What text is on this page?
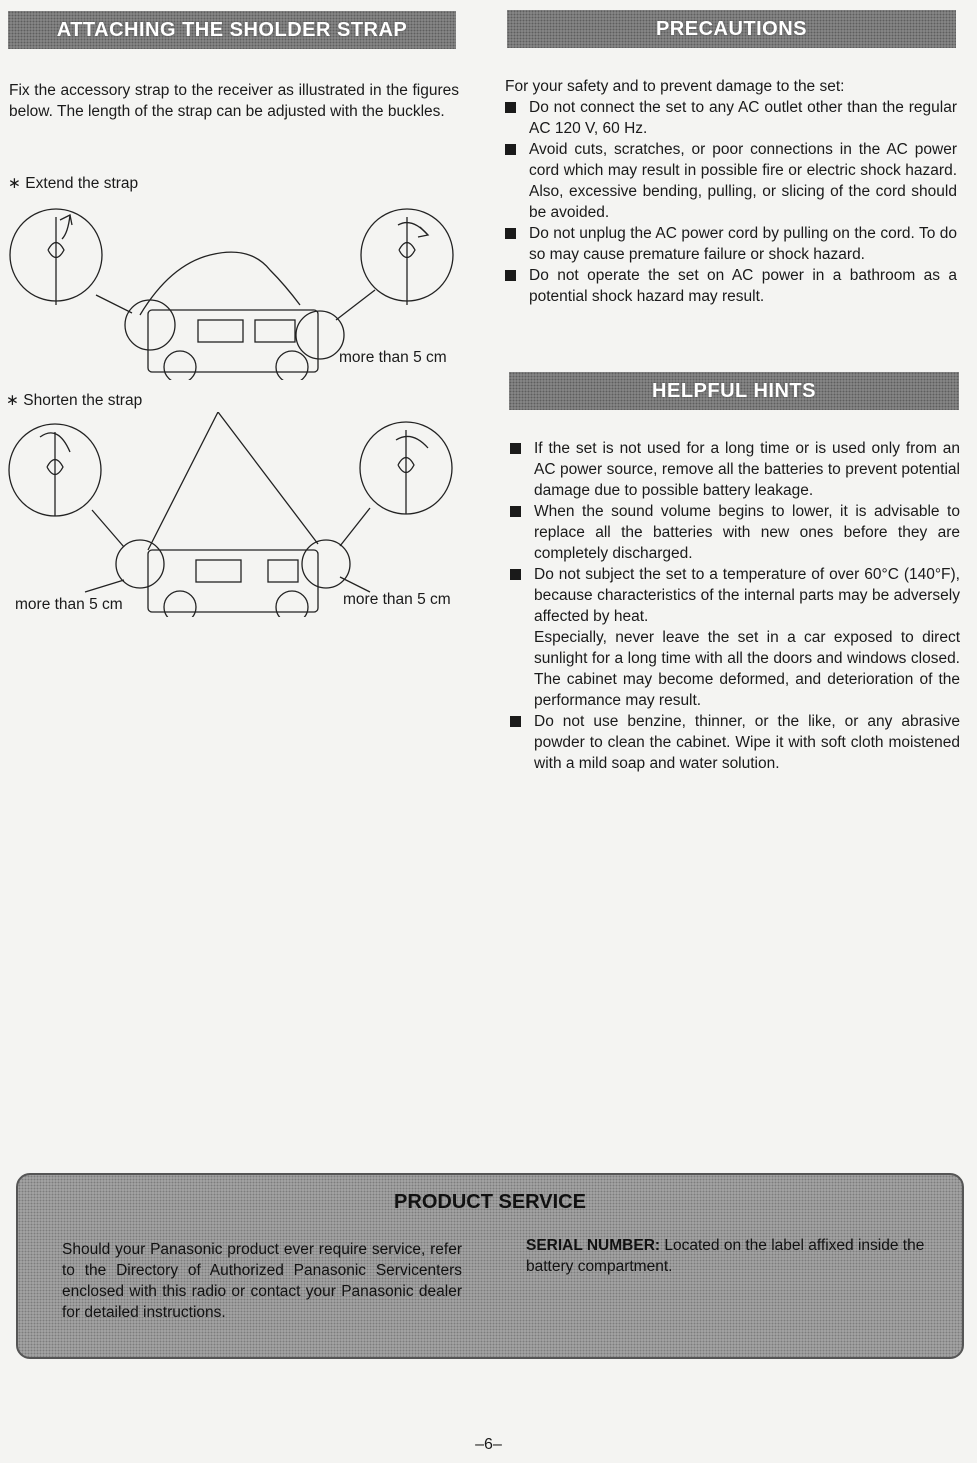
ATTACHING THE SHOLDER STRAP
Fix the accessory strap to the receiver as illustrated in the figures below. The length of the strap can be adjusted with the buckles.
∗ Extend the strap
more than 5 cm
∗ Shorten the strap
more than 5 cm	more than 5 cm
PRECAUTIONS
For your safety and to prevent damage to the set:
Do not connect the set to any AC outlet other than the regular AC 120 V, 60 Hz.
Avoid cuts, scratches, or poor connections in the AC power cord which may result in possible fire or electric shock hazard. Also, excessive bending, pulling, or slicing of the cord should be avoided.
Do not unplug the AC power cord by pulling on the cord. To do so may cause premature failure or shock hazard.
Do not operate the set on AC power in a bathroom as a potential shock hazard may result.
HELPFUL HINTS
If the set is not used for a long time or is used only from an AC power source, remove all the batteries to prevent potential damage due to possible battery leakage.
When the sound volume begins to lower, it is advisable to replace all the batteries with new ones before they are completely discharged.
Do not subject the set to a temperature of over 60°C (140°F), because characteristics of the internal parts may be adversely affected by heat.
Especially, never leave the set in a car exposed to direct sunlight for a long time with all the doors and windows closed. The cabinet may become deformed, and deterioration of the performance may result.
Do not use benzine, thinner, or the like, or any abrasive powder to clean the cabinet. Wipe it with soft cloth moistened with a mild soap and water solution.
PRODUCT SERVICE
Should your Panasonic product ever require service, refer to the Directory of Authorized Panasonic Servicenters enclosed with this radio or contact your Panasonic dealer for detailed instructions.
SERIAL NUMBER: Located on the label affixed inside the battery compartment.
–6–
